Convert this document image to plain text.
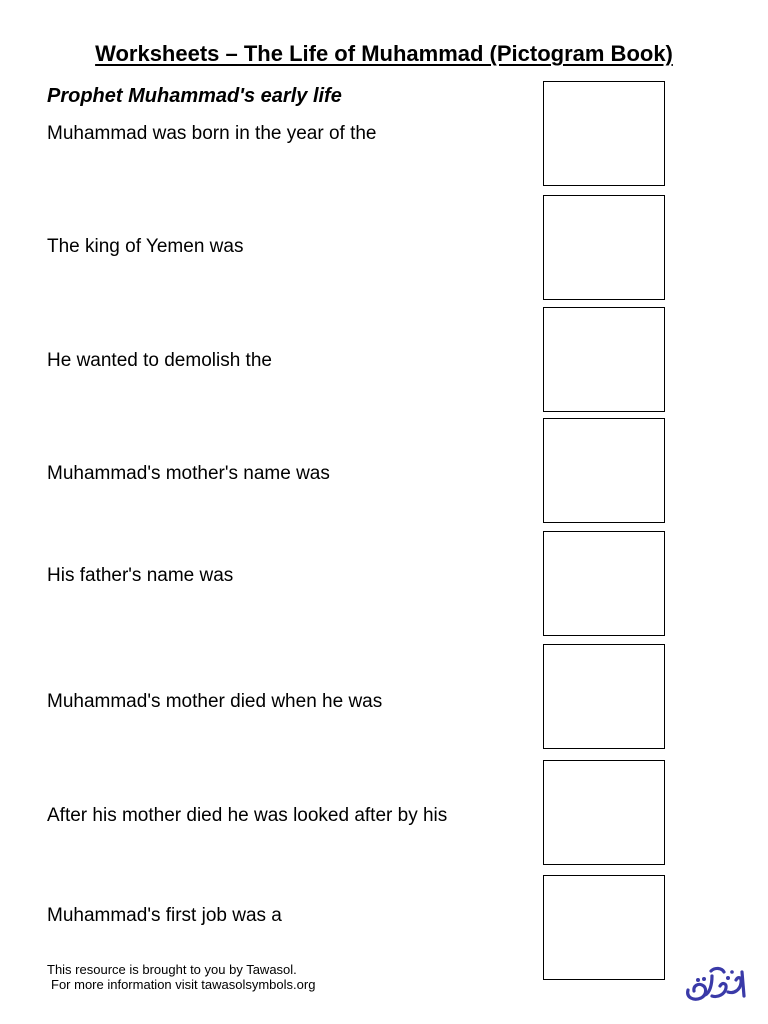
Worksheets – The Life of Muhammad (Pictogram Book)
Prophet Muhammad's early life

Muhammad was born in the year of the

The king of Yemen was

He wanted to demolish the

Muhammad's mother's name was

His father's name was

Muhammad's mother died when he was

After his mother died he was looked after by his

Muhammad's first job was a

This resource is brought to you by Tawasol.
For more information visit tawasolsymbols.org
